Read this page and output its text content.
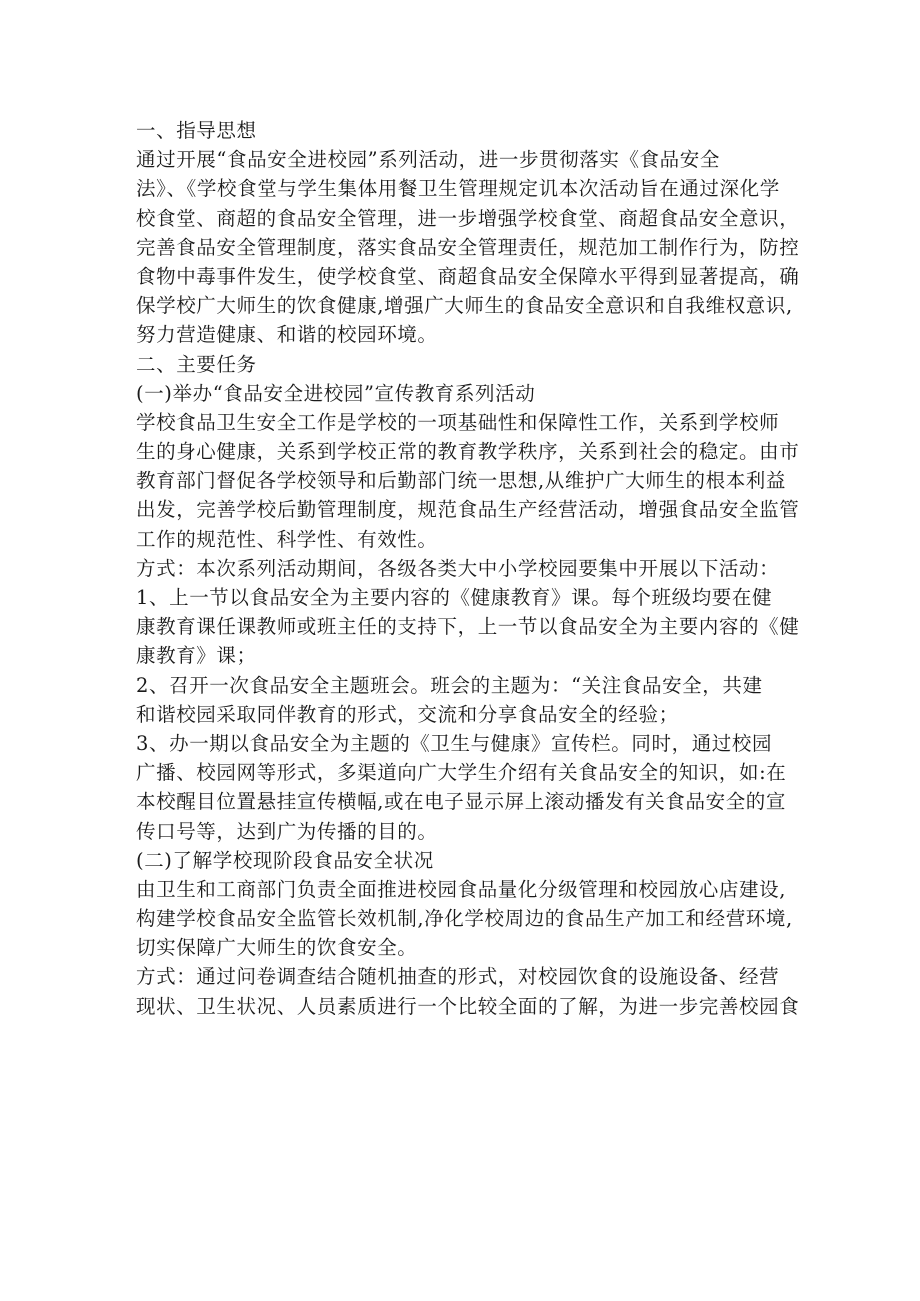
一、指导思想
通过开展“食品安全进校园”系列活动，进一步贯彻落实《食品安全
法》、《学校食堂与学生集体用餐卫生管理规定讥本次活动旨在通过深化学
校食堂、商超的食品安全管理，进一步增强学校食堂、商超食品安全意识，
完善食品安全管理制度，落实食品安全管理责任，规范加工制作行为，防控
食物中毒事件发生，使学校食堂、商超食品安全保障水平得到显著提高，确
保学校广大师生的饮食健康,增强广大师生的食品安全意识和自我维权意识,
努力营造健康、和谐的校园环境。
二、主要任务
(一)举办“食品安全进校园”宣传教育系列活动
学校食品卫生安全工作是学校的一项基础性和保障性工作，关系到学校师
生的身心健康，关系到学校正常的教育教学秩序，关系到社会的稳定。由市
教育部门督促各学校领导和后勤部门统一思想,从维护广大师生的根本利益
出发，完善学校后勤管理制度，规范食品生产经营活动，增强食品安全监管
工作的规范性、科学性、有效性。
方式：本次系列活动期间，各级各类大中小学校园要集中开展以下活动：
1、上一节以食品安全为主要内容的《健康教育》课。每个班级均要在健
康教育课任课教师或班主任的支持下，上一节以食品安全为主要内容的《健
康教育》课；
2、召开一次食品安全主题班会。班会的主题为：“关注食品安全，共建
和谐校园采取同伴教育的形式，交流和分享食品安全的经验；
3、办一期以食品安全为主题的《卫生与健康》宣传栏。同时，通过校园
广播、校园网等形式，多渠道向广大学生介绍有关食品安全的知识，如:在
本校醒目位置悬挂宣传横幅,或在电子显示屏上滚动播发有关食品安全的宣
传口号等，达到广为传播的目的。
(二)了解学校现阶段食品安全状况
由卫生和工商部门负责全面推进校园食品量化分级管理和校园放心店建设,
构建学校食品安全监管长效机制,净化学校周边的食品生产加工和经营环境,
切实保障广大师生的饮食安全。
方式：通过问卷调查结合随机抽查的形式，对校园饮食的设施设备、经营
现状、卫生状况、人员素质进行一个比较全面的了解，为进一步完善校园食
